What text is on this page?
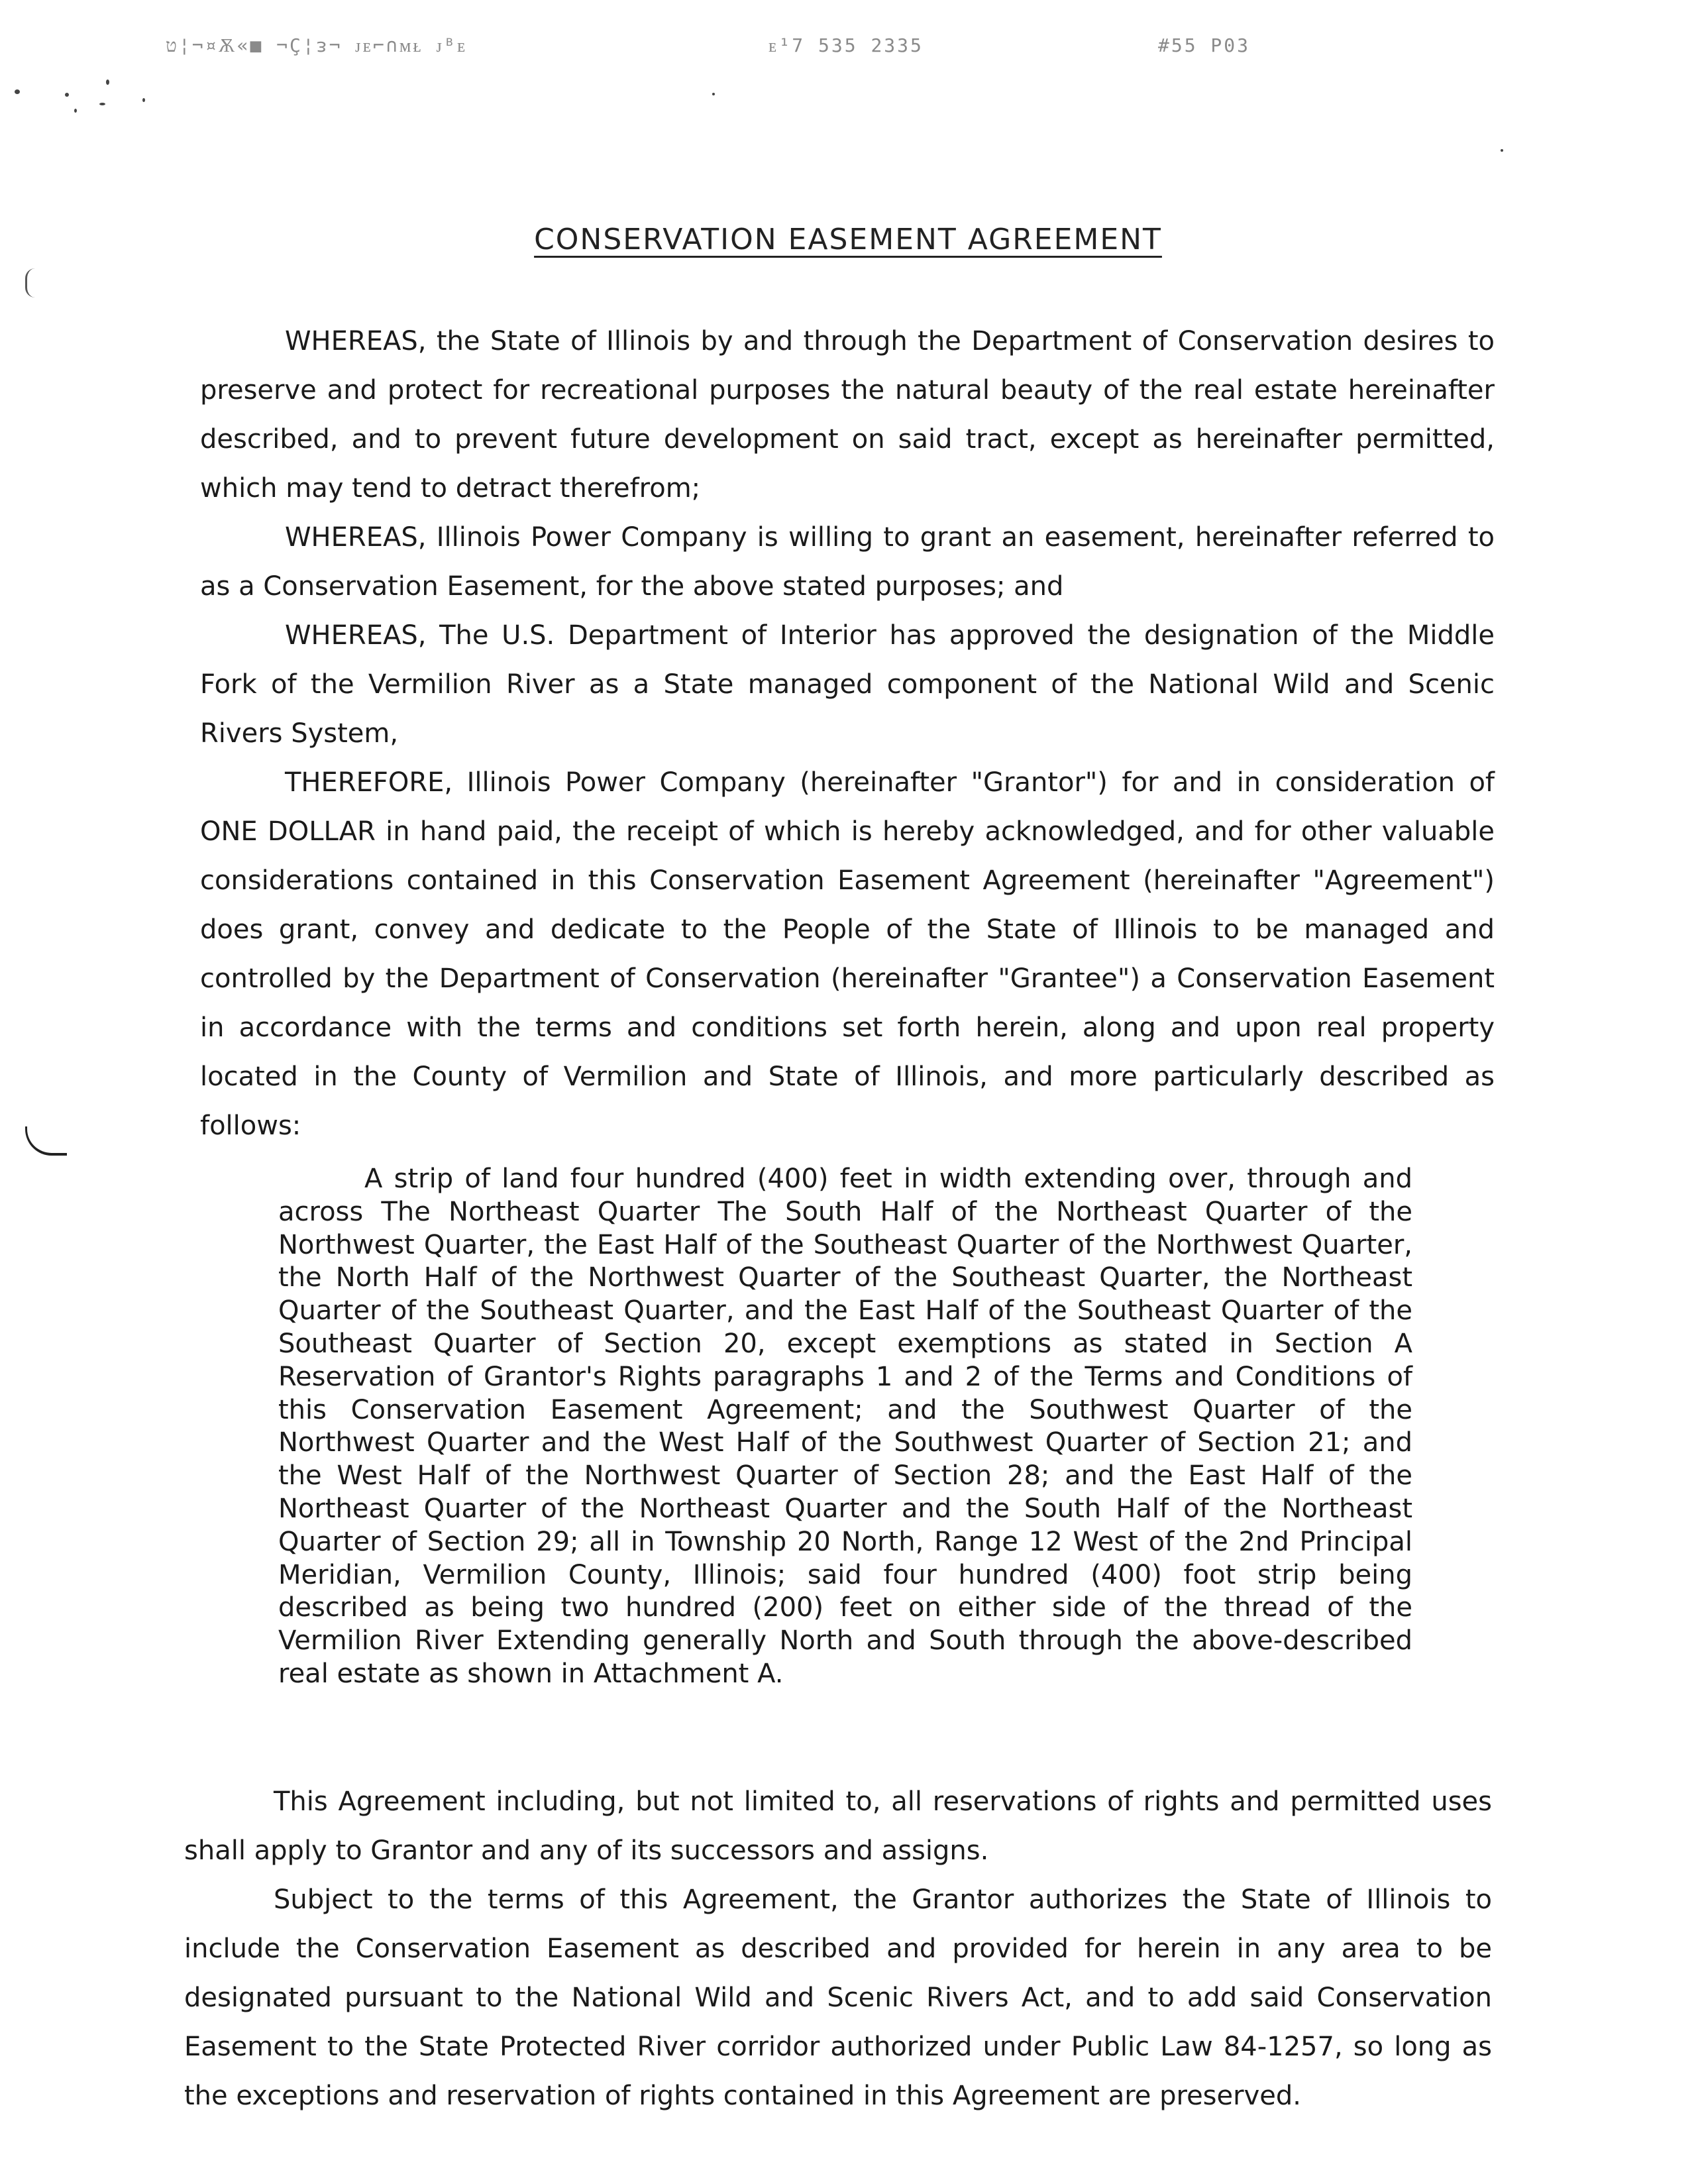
ט¦¬¤Ѫ«■ ¬Ç¦ᴈ¬ ᴊᴇ⌐∩ᴍᴌ ᴊᴮᴇ	ᴇ¹7 535 2335	#55 P03
CONSERVATION EASEMENT AGREEMENT

WHEREAS, the State of Illinois by and through the Department of Conservation desires to preserve and protect for recreational purposes the natural beauty of the real estate hereinafter described, and to prevent future development on said tract, except as hereinafter permitted, which may tend to detract therefrom;

WHEREAS, Illinois Power Company is willing to grant an easement, hereinafter referred to as a Conservation Easement, for the above stated purposes; and

WHEREAS, The U.S. Department of Interior has approved the designation of the Middle Fork of the Vermilion River as a State managed component of the National Wild and Scenic Rivers System,

THEREFORE, Illinois Power Company (hereinafter "Grantor") for and in consideration of ONE DOLLAR in hand paid, the receipt of which is hereby acknowledged, and for other valuable considerations contained in this Conservation Easement Agreement (hereinafter "Agreement") does grant, convey and dedicate to the People of the State of Illinois to be managed and controlled by the Department of Conservation (hereinafter "Grantee") a Conservation Easement in accordance with the terms and conditions set forth herein, along and upon real property located in the County of Vermilion and State of Illinois, and more particularly described as follows:

A strip of land four hundred (400) feet in width extending over, through and across The Northeast Quarter The South Half of the Northeast Quarter of the Northwest Quarter, the East Half of the Southeast Quarter of the Northwest Quarter, the North Half of the Northwest Quarter of the Southeast Quarter, the Northeast Quarter of the Southeast Quarter, and the East Half of the Southeast Quarter of the Southeast Quarter of Section 20, except exemptions as stated in Section A Reservation of Grantor's Rights paragraphs 1 and 2 of the Terms and Conditions of this Conservation Easement Agreement; and the Southwest Quarter of the Northwest Quarter and the West Half of the Southwest Quarter of Section 21; and the West Half of the Northwest Quarter of Section 28; and the East Half of the Northeast Quarter of the Northeast Quarter and the South Half of the Northeast Quarter of Section 29; all in Township 20 North, Range 12 West of the 2nd Principal Meridian, Vermilion County, Illinois; said four hundred (400) foot strip being described as being two hundred (200) feet on either side of the thread of the Vermilion River Extending generally North and South through the above-described real estate as shown in Attachment A.

This Agreement including, but not limited to, all reservations of rights and permitted uses shall apply to Grantor and any of its successors and assigns.

Subject to the terms of this Agreement, the Grantor authorizes the State of Illinois to include the Conservation Easement as described and provided for herein in any area to be designated pursuant to the National Wild and Scenic Rivers Act, and to add said Conservation Easement to the State Protected River corridor authorized under Public Law 84-1257, so long as the exceptions and reservation of rights contained in this Agreement are preserved.
